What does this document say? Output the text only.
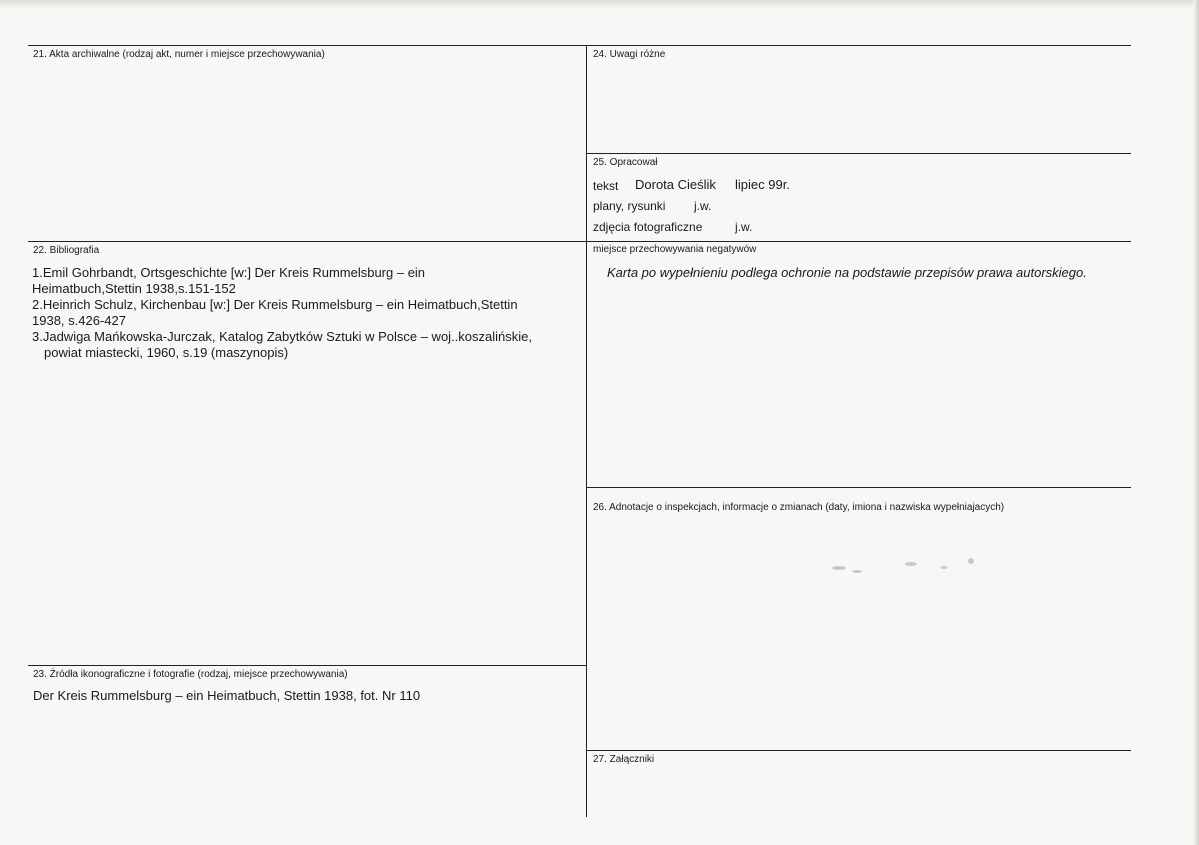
21. Akta archiwalne (rodzaj akt, numer i miejsce przechowywania)
22. Bibliografia
1.Emil Gohrbandt, Ortsgeschichte [w:] Der Kreis Rummelsburg – ein
Heimatbuch,Stettin 1938,s.151-152
2.Heinrich Schulz, Kirchenbau [w:] Der Kreis Rummelsburg – ein Heimatbuch,Stettin
1938, s.426-427
3.Jadwiga Mańkowska-Jurczak, Katalog Zabytków Sztuki w Polsce – woj..koszalińskie,
powiat miastecki, 1960, s.19 (maszynopis)
23. Źródła ikonograficzne i fotografie (rodzaj, miejsce przechowywania)
Der Kreis Rummelsburg – ein Heimatbuch, Stettin 1938, fot. Nr 110
24. Uwagi różne
25. Opracował
tekst Dorota Cieślik lipiec 99r.
plany, rysunki j.w.
zdjęcia fotograficzne	j.w.
miejsce przechowywania negatywów
Karta po wypełnieniu podlega ochronie na podstawie przepisów prawa autorskiego.
26. Adnotacje o inspekcjach, informacje o zmianach (daty, imiona i nazwiska wypełniajacych)
27. Załączniki
